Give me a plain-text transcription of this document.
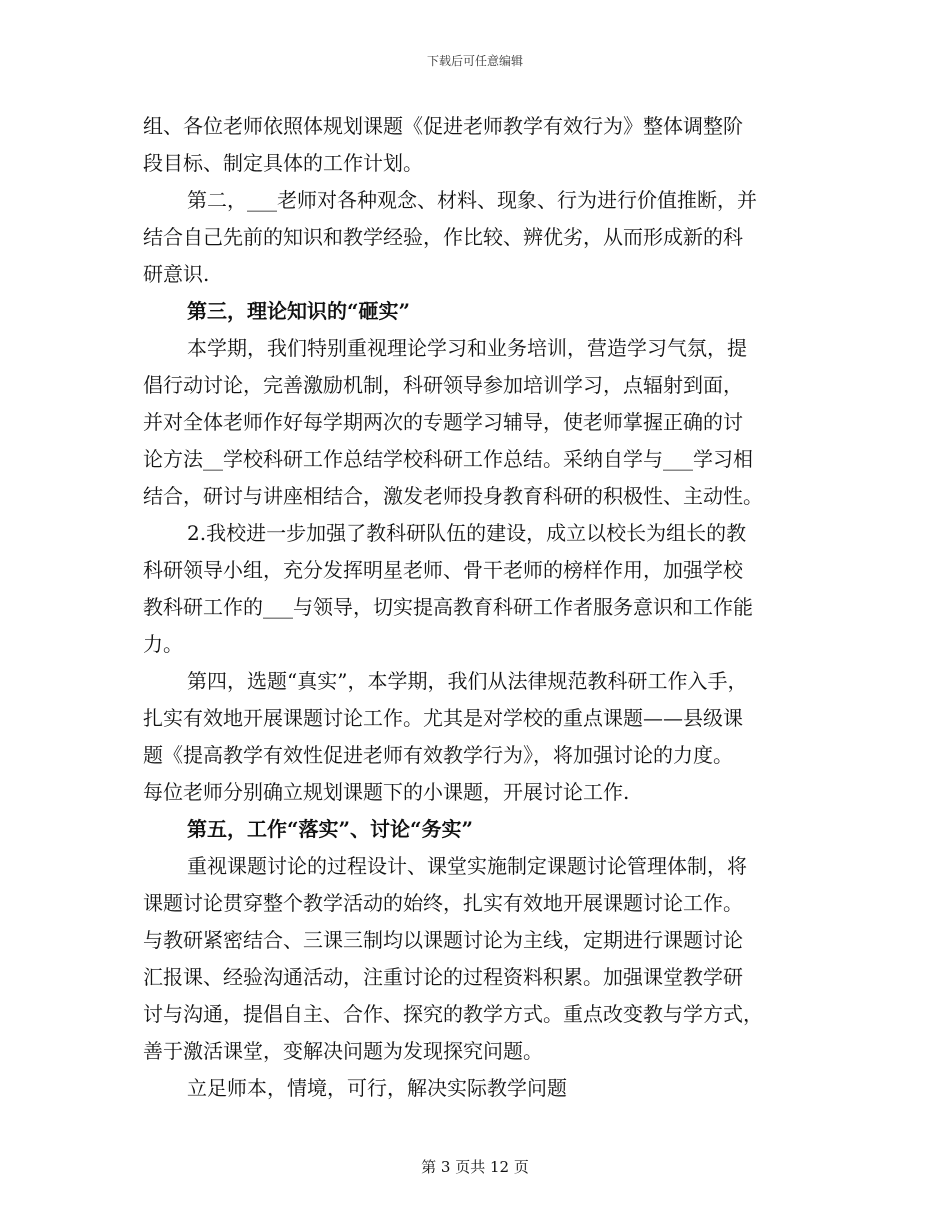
下载后可任意编辑
组、各位老师依照体规划课题《促进老师教学有效行为》整体调整阶
段目标、制定具体的工作计划。
第二，___老师对各种观念、材料、现象、行为进行价值推断，并
结合自己先前的知识和教学经验，作比较、辨优劣，从而形成新的科
研意识.
第三，理论知识的“砸实”
本学期，我们特别重视理论学习和业务培训，营造学习气氛，提
倡行动讨论，完善激励机制，科研领导参加培训学习，点辐射到面，
并对全体老师作好每学期两次的专题学习辅导，使老师掌握正确的讨
论方法__学校科研工作总结学校科研工作总结。采纳自学与___学习相
结合，研讨与讲座相结合，激发老师投身教育科研的积极性、主动性。
2.我校进一步加强了教科研队伍的建设，成立以校长为组长的教
科研领导小组，充分发挥明星老师、骨干老师的榜样作用，加强学校
教科研工作的___与领导，切实提高教育科研工作者服务意识和工作能
力。
第四，选题“真实”，本学期，我们从法律规范教科研工作入手，
扎实有效地开展课题讨论工作。尤其是对学校的重点课题——县级课
题《提高教学有效性促进老师有效教学行为》，将加强讨论的力度。
每位老师分别确立规划课题下的小课题，开展讨论工作.
第五，工作“落实”、讨论“务实”
重视课题讨论的过程设计、课堂实施制定课题讨论管理体制，将
课题讨论贯穿整个教学活动的始终，扎实有效地开展课题讨论工作。
与教研紧密结合、三课三制均以课题讨论为主线，定期进行课题讨论
汇报课、经验沟通活动，注重讨论的过程资料积累。加强课堂教学研
讨与沟通，提倡自主、合作、探究的教学方式。重点改变教与学方式，
善于激活课堂，变解决问题为发现探究问题。
立足师本，情境，可行，解决实际教学问题
第 3 页共 12 页
